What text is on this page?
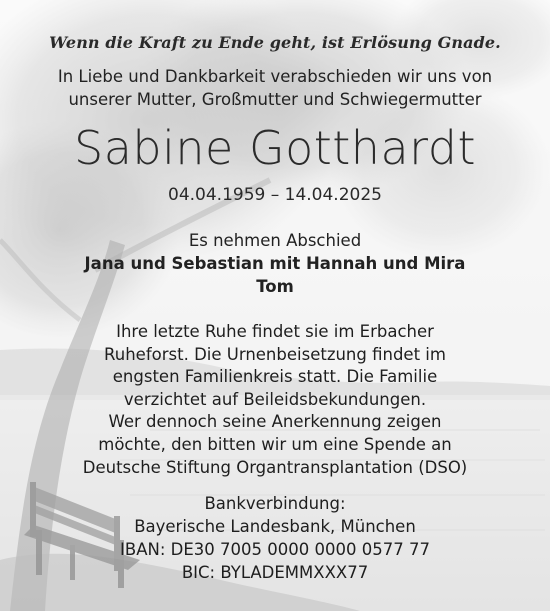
Wenn die Kraft zu Ende geht, ist Erlösung Gnade.
In Liebe und Dankbarkeit verabschieden wir uns von
unserer Mutter, Großmutter und Schwiegermutter
Sabine Gotthardt
04.04.1959 – 14.04.2025
Es nehmen Abschied
Jana und Sebastian mit Hannah und Mira
Tom
Ihre letzte Ruhe findet sie im Erbacher
Ruheforst. Die Urnenbeisetzung findet im
engsten Familienkreis statt. Die Familie
verzichtet auf Beileidsbekundungen.
Wer dennoch seine Anerkennung zeigen
möchte, den bitten wir um eine Spende an
Deutsche Stiftung Organtransplantation (DSO)
Bankverbindung:
Bayerische Landesbank, München
IBAN: DE30 7005 0000 0000 0577 77
BIC: BYLADEMMXXX77
